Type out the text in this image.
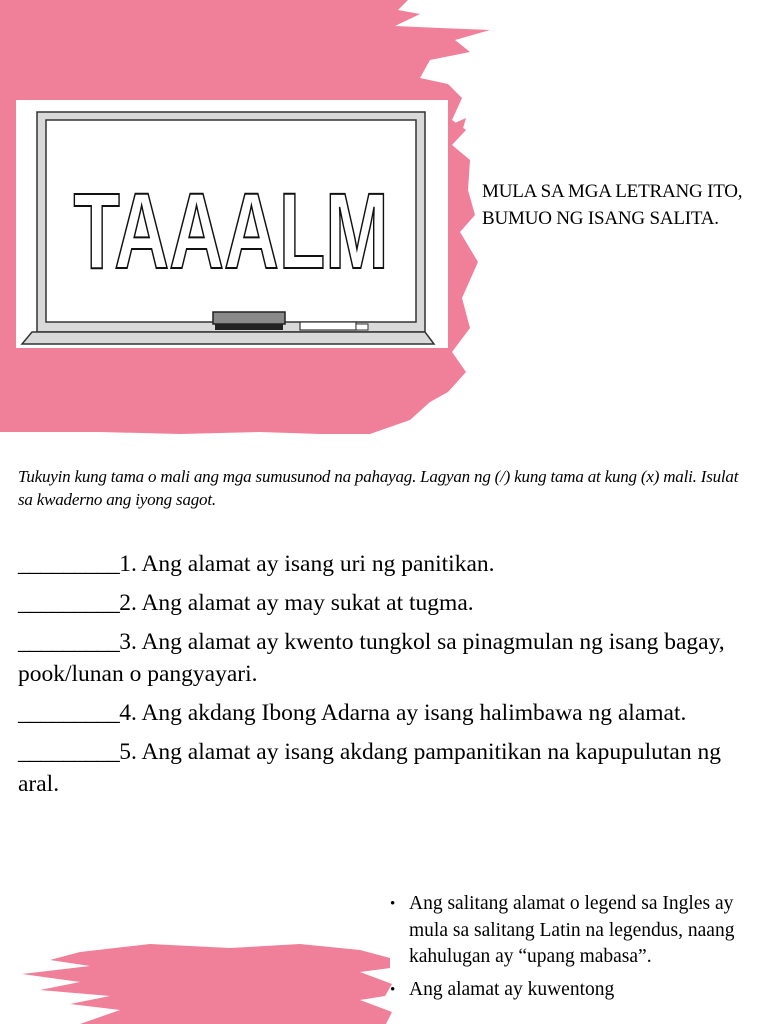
TAAALM	MULA SA MGA LETRANG ITO, BUMUO NG ISANG SALITA.
Tukuyin kung tama o mali ang mga sumusunod na pahayag. Lagyan ng (/) kung tama at kung (x) mali. Isulat sa kwaderno ang iyong sagot.
_________1. Ang alamat ay isang uri ng panitikan.
_________2. Ang alamat ay may sukat at tugma.
_________3. Ang alamat ay kwento tungkol sa pinagmulan ng isang bagay, pook/lunan o pangyayari.
_________4. Ang akdang Ibong Adarna ay isang halimbawa ng alamat.
_________5. Ang alamat ay isang akdang pampanitikan na kapupulutan ng aral.
• Ang salitang alamat o legend sa Ingles ay mula sa salitang Latin na legendus, naang kahulugan ay “upang mabasa”.
• Ang alamat ay kuwentong
